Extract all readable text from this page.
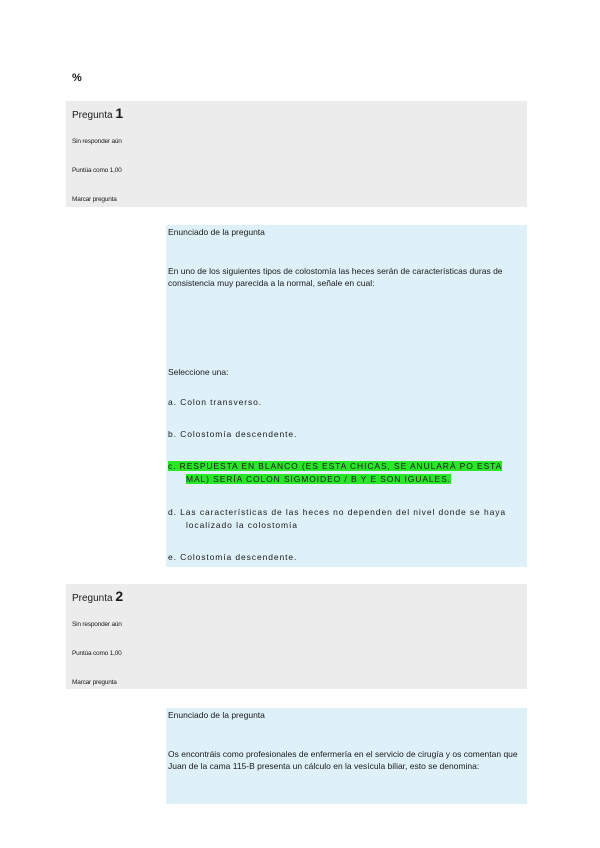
%
Pregunta 1
Sin responder aún
Puntúa como 1,00
Marcar pregunta
Enunciado de la pregunta
En uno de los siguientes tipos de colostomía las heces serán de características duras de consistencia muy parecida a la normal, señale en cual:
Seleccione una:
a. Colon transverso.
b. Colostomía descendente.
c. RESPUESTA EN BLANCO (ES ESTA CHICAS, SE ANULARÁ PO ESTA
MAL) SERÍA COLON SIGMOIDEO / B Y E SON IGUALES.
d. Las características de las heces no dependen del nivel donde se haya
localizado la colostomía
e. Colostomía descendente.
Pregunta 2
Sin responder aún
Puntúa como 1,00
Marcar pregunta
Enunciado de la pregunta
Os encontráis como profesionales de enfermería en el servicio de cirugía y os comentan que Juan de la cama 115-B presenta un cálculo en la vesícula biliar, esto se denomina:
